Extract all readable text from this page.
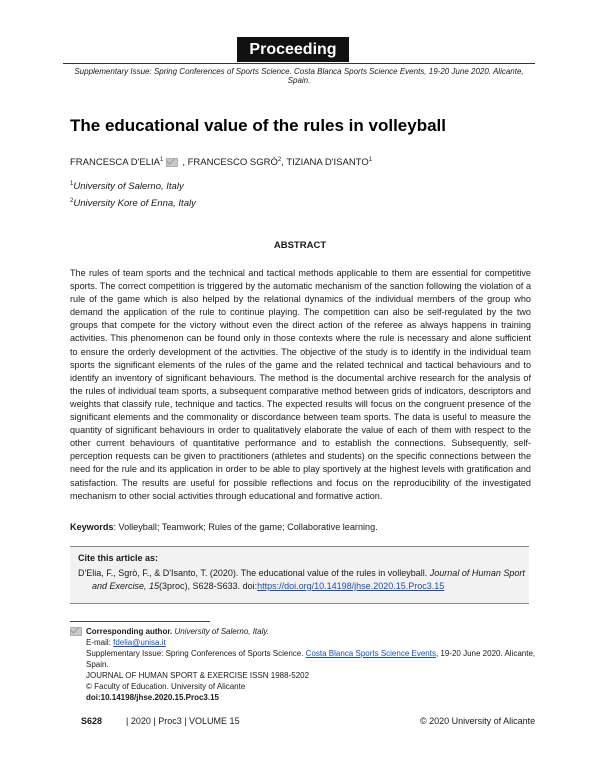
Proceeding
Supplementary Issue: Spring Conferences of Sports Science. Costa Blanca Sports Science Events, 19-20 June 2020. Alicante, Spain.
The educational value of the rules in volleyball
FRANCESCA D'ELIA$^1$ , FRANCESCO SGRÒ$^2$, TIZIANA D'ISANTO$^1$
$^1$University of Salerno, Italy
$^2$University Kore of Enna, Italy
ABSTRACT

The rules of team sports and the technical and tactical methods applicable to them are essential for competitive sports. The correct competition is triggered by the automatic mechanism of the sanction following the violation of a rule of the game which is also helped by the relational dynamics of the individual members of the group who demand the application of the rule to continue playing. The competition can also be self-regulated by the two groups that compete for the victory without even the direct action of the referee as always happens in training activities. This phenomenon can be found only in those contexts where the rule is necessary and alone sufficient to ensure the orderly development of the activities. The objective of the study is to identify in the individual team sports the significant elements of the rules of the game and the related technical and tactical behaviours and to identify an inventory of significant behaviours. The method is the documental archive research for the analysis of the rules of individual team sports, a subsequent comparative method between grids of indicators, descriptors and weights that classify rule, technique and tactics. The expected results will focus on the congruent presence of the significant elements and the commonality or discordance between team sports. The data is useful to measure the quantity of significant behaviours in order to qualitatively elaborate the value of each of them with respect to the other current behaviours of quantitative performance and to establish the connections. Subsequently, self-perception requests can be given to practitioners (athletes and students) on the specific connections between the need for the rule and its application in order to be able to play sportively at the highest levels with gratification and satisfaction. The results are useful for possible reflections and focus on the reproducibility of the investigated mechanism to other social activities through educational and formative action.

Keywords: Volleyball; Teamwork; Rules of the game; Collaborative learning.
Cite this article as:
D'Elia, F., Sgrò, F., & D'Isanto, T. (2020). The educational value of the rules in volleyball. Journal of Human Sport and Exercise, 15(3proc), S628-S633. doi:https://doi.org/10.14198/jhse.2020.15.Proc3.15
Corresponding author. University of Salerno, Italy.
E-mail: fdelia@unisa.it
Supplementary Issue: Spring Conferences of Sports Science. Costa Blanca Sports Science Events, 19-20 June 2020. Alicante, Spain.
JOURNAL OF HUMAN SPORT & EXERCISE ISSN 1988-5202
© Faculty of Education. University of Alicante
doi:10.14198/jhse.2020.15.Proc3.15
S628	| 2020 | Proc3 | VOLUME 15	© 2020 University of Alicante
